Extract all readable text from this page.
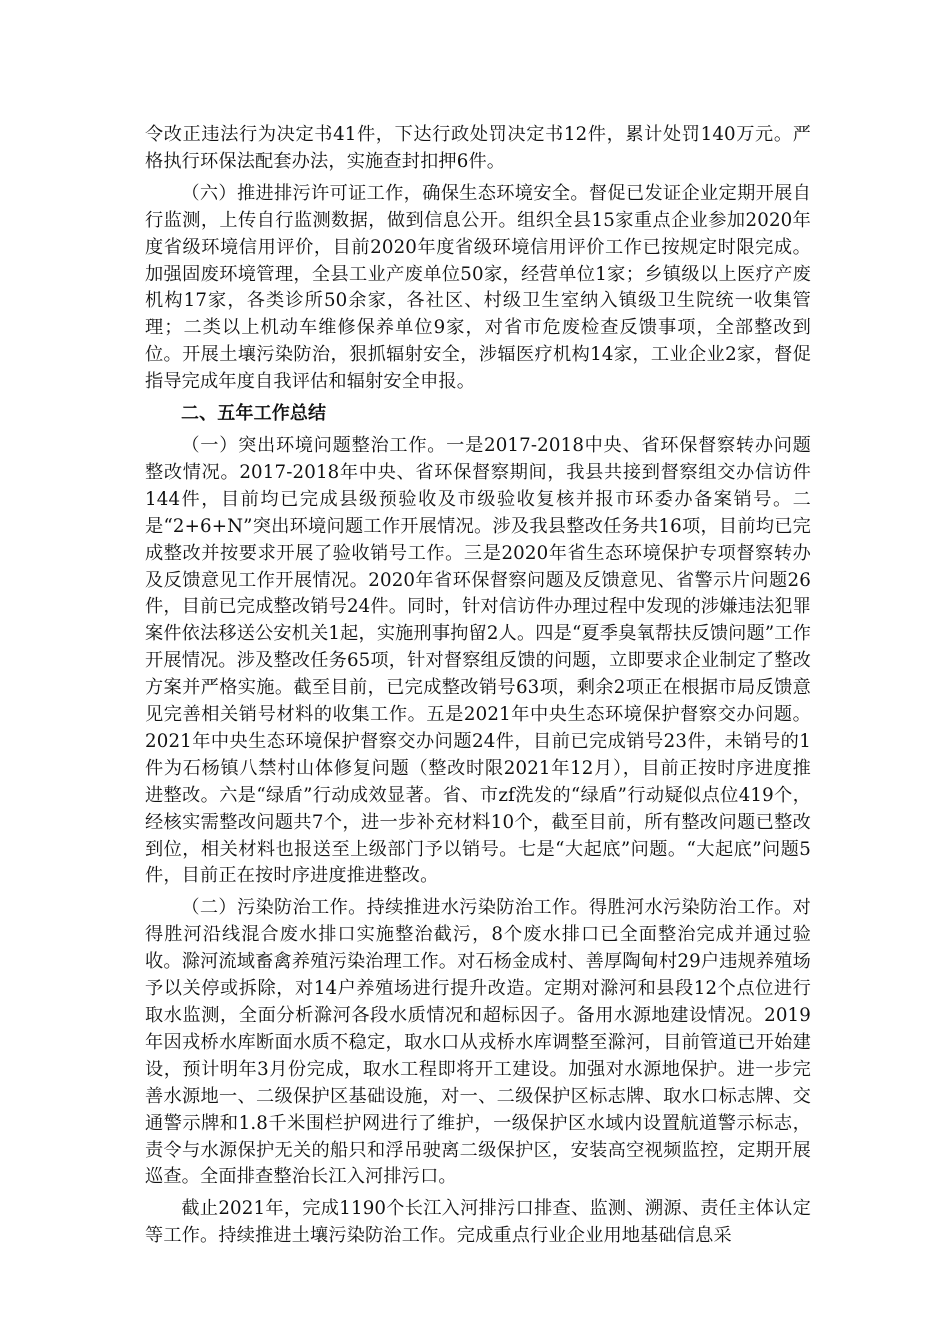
令改正违法行为决定书41件，下达行政处罚决定书12件，累计处罚140万元。严格执行环保法配套办法，实施查封扣押6件。

（六）推进排污许可证工作，确保生态环境安全。督促已发证企业定期开展自行监测，上传自行监测数据，做到信息公开。组织全县15家重点企业参加2020年度省级环境信用评价，目前2020年度省级环境信用评价工作已按规定时限完成。加强固废环境管理，全县工业产废单位50家，经营单位1家；乡镇级以上医疗产废机构17家，各类诊所50余家，各社区、村级卫生室纳入镇级卫生院统一收集管理；二类以上机动车维修保养单位9家，对省市危废检查反馈事项，全部整改到位。开展土壤污染防治，狠抓辐射安全，涉辐医疗机构14家，工业企业2家，督促指导完成年度自我评估和辐射安全申报。

二、五年工作总结

（一）突出环境问题整治工作。一是2017-2018中央、省环保督察转办问题整改情况。2017-2018年中央、省环保督察期间，我县共接到督察组交办信访件144件，目前均已完成县级预验收及市级验收复核并报市环委办备案销号。二是“2+6+N”突出环境问题工作开展情况。涉及我县整改任务共16项，目前均已完成整改并按要求开展了验收销号工作。三是2020年省生态环境保护专项督察转办及反馈意见工作开展情况。2020年省环保督察问题及反馈意见、省警示片问题26件，目前已完成整改销号24件。同时，针对信访件办理过程中发现的涉嫌违法犯罪案件依法移送公安机关1起，实施刑事拘留2人。四是“夏季臭氧帮扶反馈问题”工作开展情况。涉及整改任务65项，针对督察组反馈的问题，立即要求企业制定了整改方案并严格实施。截至目前，已完成整改销号63项，剩余2项正在根据市局反馈意见完善相关销号材料的收集工作。五是2021年中央生态环境保护督察交办问题。2021年中央生态环境保护督察交办问题24件，目前已完成销号23件，未销号的1件为石杨镇八禁村山体修复问题（整改时限2021年12月），目前正按时序进度推进整改。六是“绿盾”行动成效显著。省、市zf洗发的“绿盾”行动疑似点位419个，经核实需整改问题共7个，进一步补充材料10个，截至目前，所有整改问题已整改到位，相关材料也报送至上级部门予以销号。七是“大起底”问题。“大起底”问题5件，目前正在按时序进度推进整改。

（二）污染防治工作。持续推进水污染防治工作。得胜河水污染防治工作。对得胜河沿线混合废水排口实施整治截污，8个废水排口已全面整治完成并通过验收。滁河流域畜禽养殖污染治理工作。对石杨金成村、善厚陶甸村29户违规养殖场予以关停或拆除，对14户养殖场进行提升改造。定期对滁河和县段12个点位进行取水监测，全面分析滁河各段水质情况和超标因子。备用水源地建设情况。2019年因戎桥水库断面水质不稳定，取水口从戎桥水库调整至滁河，目前管道已开始建设，预计明年3月份完成，取水工程即将开工建设。加强对水源地保护。进一步完善水源地一、二级保护区基础设施，对一、二级保护区标志牌、取水口标志牌、交通警示牌和1.8千米围栏护网进行了维护，一级保护区水域内设置航道警示标志，责令与水源保护无关的船只和浮吊驶离二级保护区，安装高空视频监控，定期开展巡查。全面排查整治长江入河排污口。

截止2021年，完成1190个长江入河排污口排查、监测、溯源、责任主体认定等工作。持续推进土壤污染防治工作。完成重点行业企业用地基础信息采
